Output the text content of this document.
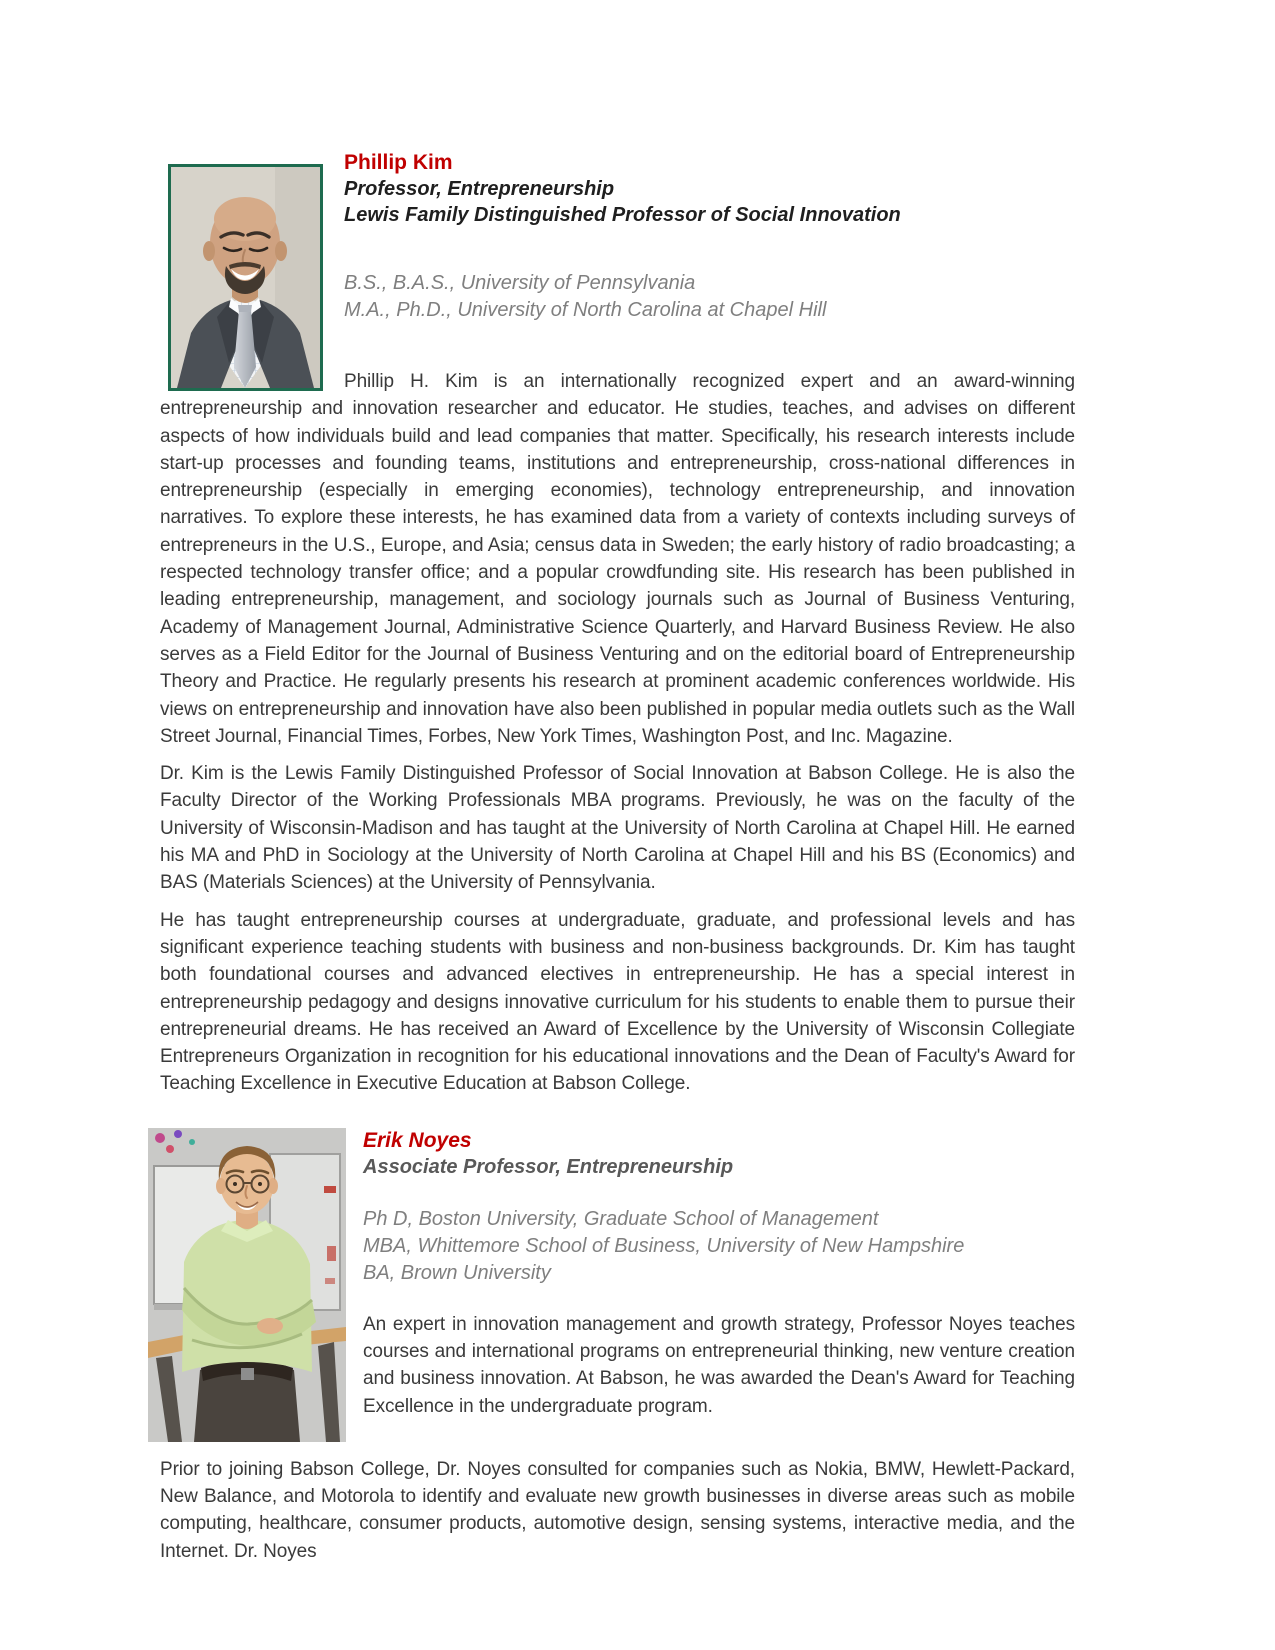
Phillip Kim
Professor, Entrepreneurship
Lewis Family Distinguished Professor of Social Innovation
B.S., B.A.S., University of Pennsylvania
M.A., Ph.D., University of North Carolina at Chapel Hill

Phillip H. Kim is an internationally recognized expert and an award-winning entrepreneurship and innovation researcher and educator. He studies, teaches, and advises on different aspects of how individuals build and lead companies that matter. Specifically, his research interests include start-up processes and founding teams, institutions and entrepreneurship, cross-national differences in entrepreneurship (especially in emerging economies), technology entrepreneurship, and innovation narratives. To explore these interests, he has examined data from a variety of contexts including surveys of entrepreneurs in the U.S., Europe, and Asia; census data in Sweden; the early history of radio broadcasting; a respected technology transfer office; and a popular crowdfunding site. His research has been published in leading entrepreneurship, management, and sociology journals such as Journal of Business Venturing, Academy of Management Journal, Administrative Science Quarterly, and Harvard Business Review. He also serves as a Field Editor for the Journal of Business Venturing and on the editorial board of Entrepreneurship Theory and Practice. He regularly presents his research at prominent academic conferences worldwide. His views on entrepreneurship and innovation have also been published in popular media outlets such as the Wall Street Journal, Financial Times, Forbes, New York Times, Washington Post, and Inc. Magazine.

Dr. Kim is the Lewis Family Distinguished Professor of Social Innovation at Babson College. He is also the Faculty Director of the Working Professionals MBA programs. Previously, he was on the faculty of the University of Wisconsin-Madison and has taught at the University of North Carolina at Chapel Hill. He earned his MA and PhD in Sociology at the University of North Carolina at Chapel Hill and his BS (Economics) and BAS (Materials Sciences) at the University of Pennsylvania.

He has taught entrepreneurship courses at undergraduate, graduate, and professional levels and has significant experience teaching students with business and non-business backgrounds. Dr. Kim has taught both foundational courses and advanced electives in entrepreneurship. He has a special interest in entrepreneurship pedagogy and designs innovative curriculum for his students to enable them to pursue their entrepreneurial dreams. He has received an Award of Excellence by the University of Wisconsin Collegiate Entrepreneurs Organization in recognition for his educational innovations and the Dean of Faculty's Award for Teaching Excellence in Executive Education at Babson College.

Erik Noyes
Associate Professor, Entrepreneurship
Ph D, Boston University, Graduate School of Management
MBA, Whittemore School of Business, University of New Hampshire
BA, Brown University

An expert in innovation management and growth strategy, Professor Noyes teaches courses and international programs on entrepreneurial thinking, new venture creation and business innovation. At Babson, he was awarded the Dean's Award for Teaching Excellence in the undergraduate program.

Prior to joining Babson College, Dr. Noyes consulted for companies such as Nokia, BMW, Hewlett-Packard, New Balance, and Motorola to identify and evaluate new growth businesses in diverse areas such as mobile computing, healthcare, consumer products, automotive design, sensing systems, interactive media, and the Internet. Dr. Noyes
